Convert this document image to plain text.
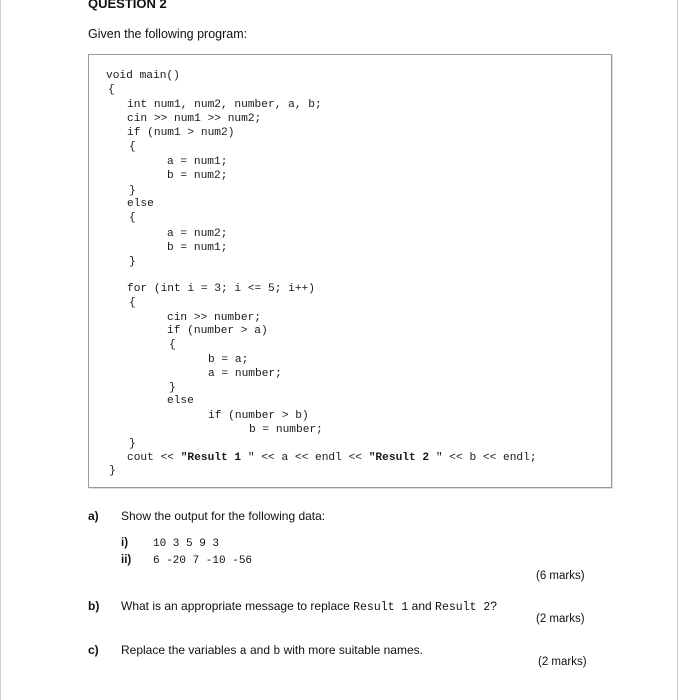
QUESTION 2
Given the following program:
void main()
{
int num1, num2, number, a, b;
cin >> num1 >> num2;
if (num1 > num2)
{
a = num1;
b = num2;
}
else
{
a = num2;
b = num1;
}
for (int i = 3; i <= 5; i++)
{
cin >> number;
if (number > a)
{
b = a;
a = number;
}
else
if (number > b)
b = number;
}
cout << "Result 1 " << a << endl << "Result 2 " << b << endl;
}
a) Show the output for the following data:
i) 10 3 5 9 3
ii) 6 -20 7 -10 -56
(6 marks)
b) What is an appropriate message to replace Result 1 and Result 2?
(2 marks)
c) Replace the variables a and b with more suitable names.
(2 marks)
